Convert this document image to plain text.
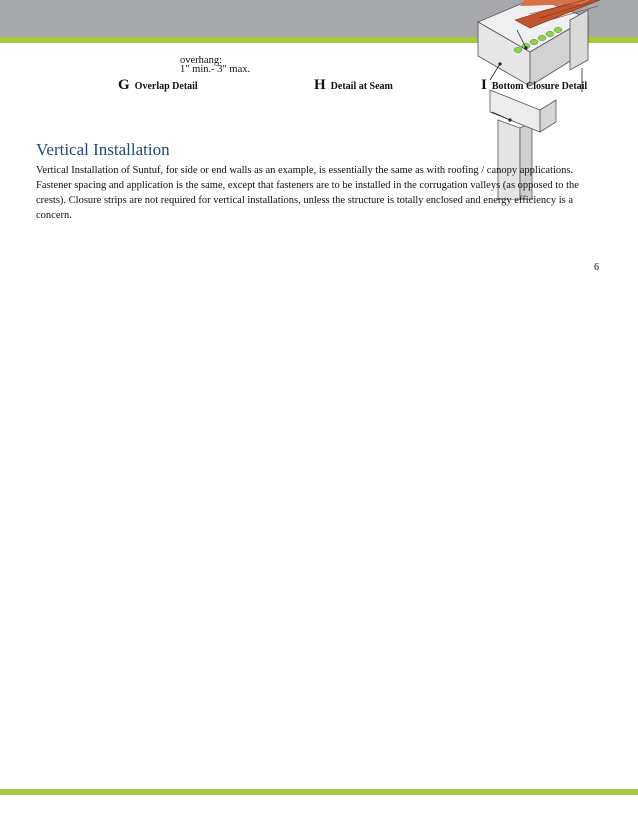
overhang:
1" min.- 3" max.
G Overlap Detail	H Detail at Seam	I Bottom Closure Detail
Vertical Installation

Vertical Installation of Suntuf, for side or end walls as an example, is essentially the same as with roofing / canopy applications. Fastener spacing and application is the same, except that fasteners are to be installed in the corrugation valleys (as opposed to the crests). Closure strips are not required for vertical installations, unless the structure is totally enclosed and energy efficiency is a concern.

6
